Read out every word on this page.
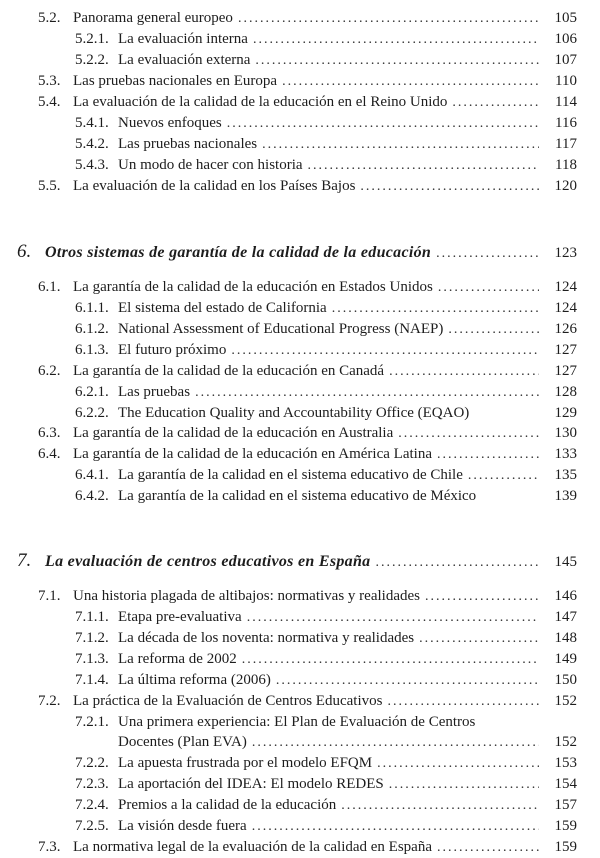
5.2. Panorama general europeo .....	105
5.2.1. La evaluación interna .....	106
5.2.2. La evaluación externa .....	107
5.3. Las pruebas nacionales en Europa .....	110
5.4. La evaluación de la calidad de la educación en el Reino Unido .....	114
5.4.1. Nuevos enfoques .....	116
5.4.2. Las pruebas nacionales .....	117
5.4.3. Un modo de hacer con historia .....	118
5.5. La evaluación de la calidad en los Países Bajos .....	120
6. Otros sistemas de garantía de la calidad de la educación .....	123
6.1. La garantía de la calidad de la educación en Estados Unidos .....	124
6.1.1. El sistema del estado de California .....	124
6.1.2. National Assessment of Educational Progress (NAEP) .....	126
6.1.3. El futuro próximo .....	127
6.2. La garantía de la calidad de la educación en Canadá .....	127
6.2.1. Las pruebas .....	128
6.2.2. The Education Quality and Accountability Office (EQAO)	129
6.3. La garantía de la calidad de la educación en Australia .....	130
6.4. La garantía de la calidad de la educación en América Latina .....	133
6.4.1. La garantía de la calidad en el sistema educativo de Chile .....	135
6.4.2. La garantía de la calidad en el sistema educativo de México	139
7. La evaluación de centros educativos en España .....	145
7.1. Una historia plagada de altibajos: normativas y realidades .....	146
7.1.1. Etapa pre-evaluativa .....	147
7.1.2. La década de los noventa: normativa y realidades .....	148
7.1.3. La reforma de 2002 .....	149
7.1.4. La última reforma (2006) .....	150
7.2. La práctica de la Evaluación de Centros Educativos .....	152
7.2.1. Una primera experiencia: El Plan de Evaluación de Centros
Docentes (Plan EVA) .....	152
7.2.2. La apuesta frustrada por el modelo EFQM .....	153
7.2.3. La aportación del IDEA: El modelo REDES .....	154
7.2.4. Premios a la calidad de la educación .....	157
7.2.5. La visión desde fuera .....	159
7.3. La normativa legal de la evaluación de la calidad en España .....	159
